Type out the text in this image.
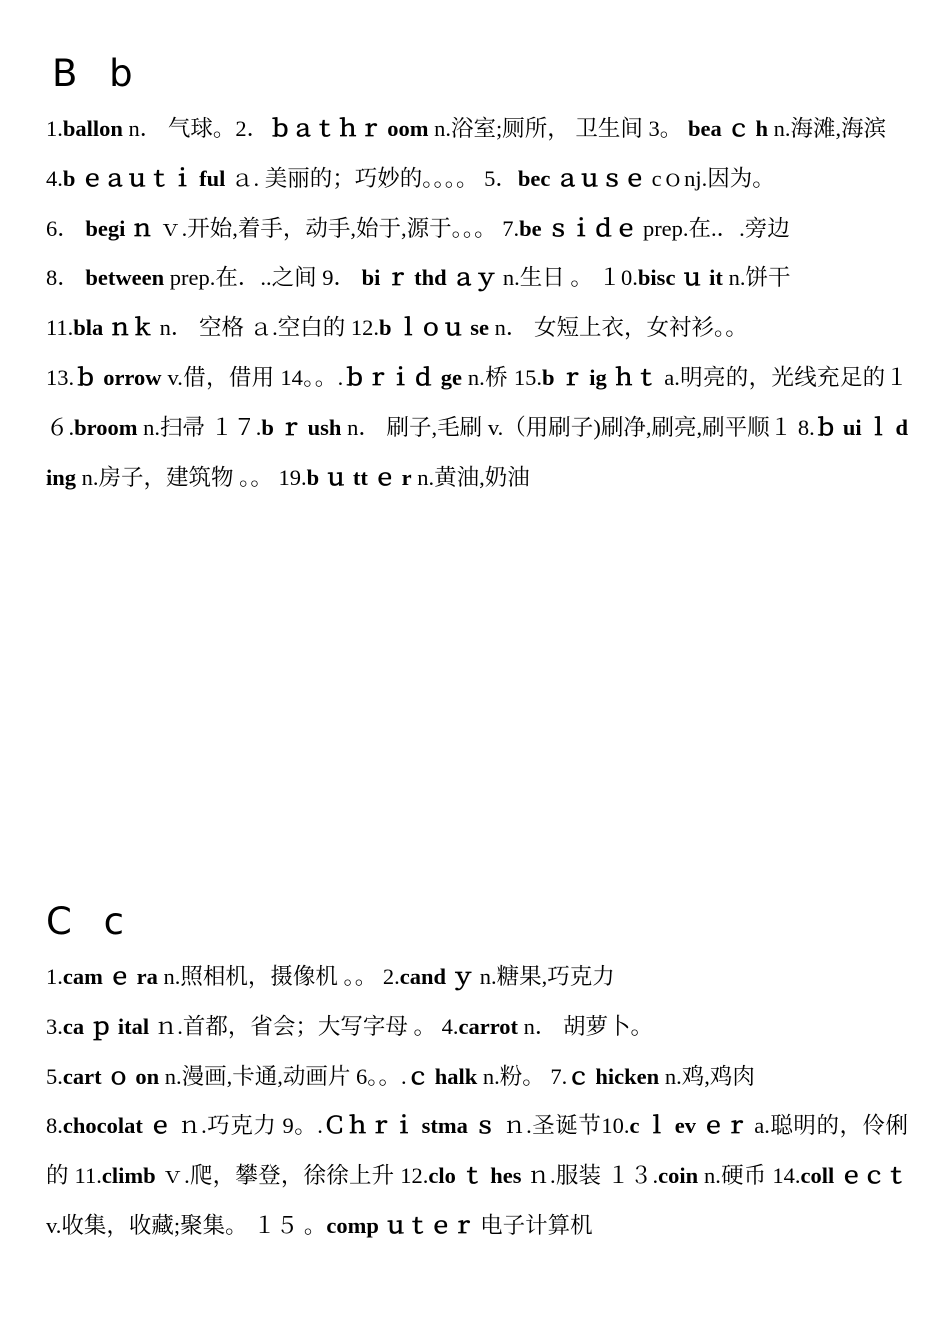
B b
1.ballon n． 气球。2．ｂａｔｈｒ oom n.浴室;厕所， 卫生间 3。 bea ｃ h n.海滩,海滨
4.b ｅａｕｔｉ ful ａ. 美丽的；巧妙的。。。。 5．bec ａｕｓｅ cｏnj.因为。
6． begi ｎ ｖ.开始,着手，动手,始于,源于。。。 7.be ｓｉｄｅ prep.在.．.旁边
8． between prep.在．..之间 9． bi ｒ thd ａｙ n.生日 。 １0.bisc ｕ it n.饼干
11.bla ｎｋ n． 空格 ａ.空白的 12.b ｌｏｕ se n． 女短上衣，女衬衫。。
13.ｂ orrow v.借，借用 14。。.ｂｒｉｄ ge n.桥 15.b ｒ ig ｈｔ a.明亮的，光线充足的１６.broom n.扫帚 １７.b ｒ ush n． 刷子,毛刷 v.（用刷子)刷净,刷亮,刷平顺１ 8.ｂ ui ｌ ding n.房子，建筑物 。。 19.b ｕ tt ｅ r n.黄油,奶油
C c
1.cam ｅ ra n.照相机，摄像机 。。 2.cand ｙ n.糖果,巧克力
3.ca ｐ ital ｎ.首都，省会；大写字母 。 4.carrot n． 胡萝卜。
5.cart ｏ on n.漫画,卡通,动画片 6。。.ｃ halk n.粉。 7.ｃ hicken n.鸡,鸡肉
8.chocolat ｅ ｎ.巧克力 9。.Ｃｈｒｉ stma ｓ ｎ.圣诞节10.c ｌ ev ｅｒ a.聪明的，伶俐的 11.climb ｖ.爬，攀登，徐徐上升 12.clo ｔ hes ｎ.服装 １３.coin n.硬币 14.coll ｅｃｔ v.收集，收藏;聚集。 １５ 。comp ｕｔｅｒ 电子计算机
